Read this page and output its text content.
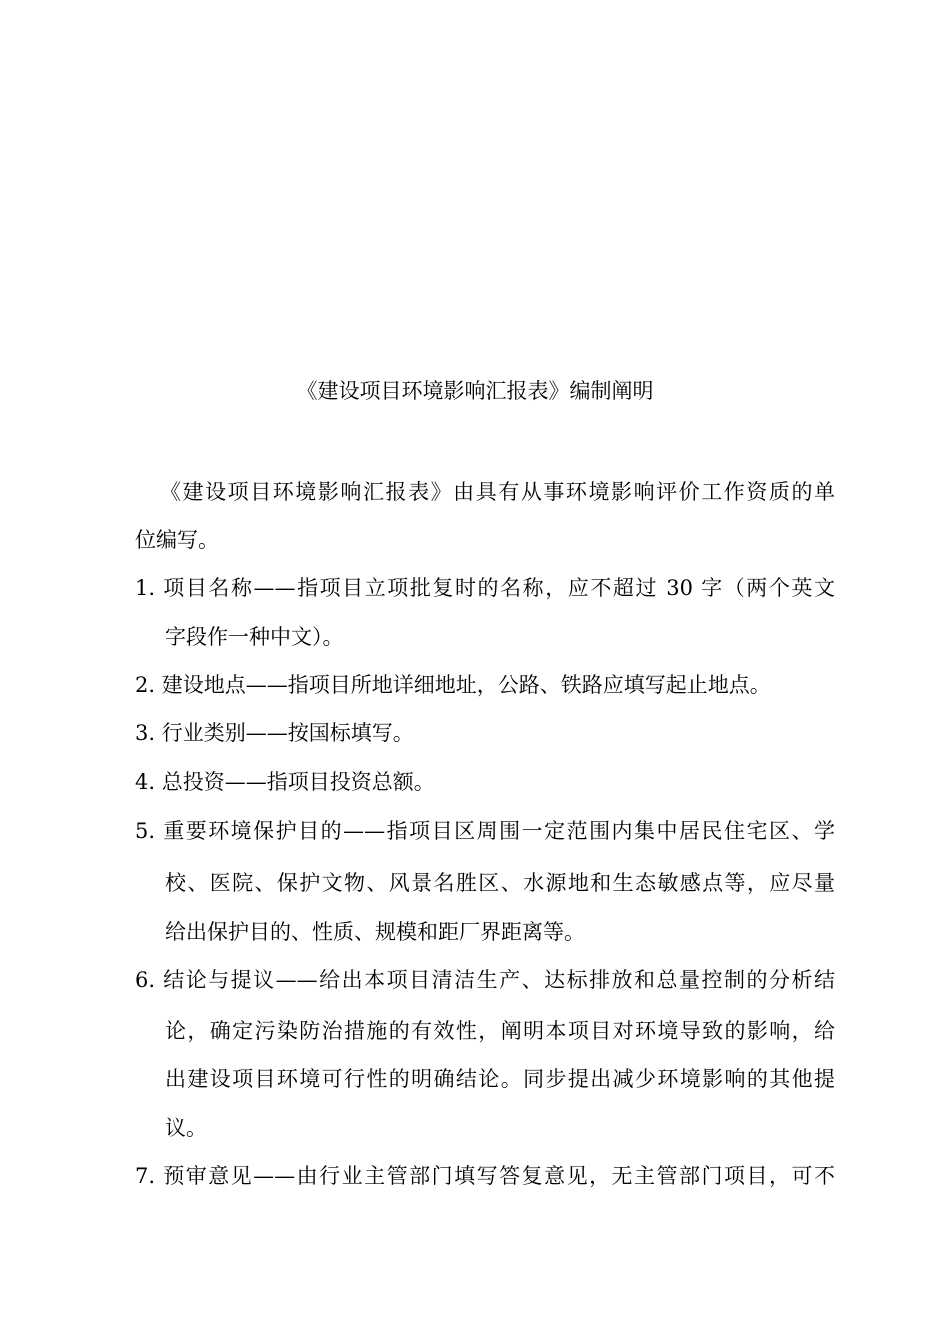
《建设项目环境影响汇报表》编制阐明
《建设项目环境影响汇报表》由具有从事环境影响评价工作资质的单
位编写。
1. 项目名称——指项目立项批复时的名称，应不超过 30 字（两个英文
字段作一种中文）。
2. 建设地点——指项目所地详细地址，公路、铁路应填写起止地点。
3. 行业类别——按国标填写。
4. 总投资——指项目投资总额。
5. 重要环境保护目的——指项目区周围一定范围内集中居民住宅区、学
校、医院、保护文物、风景名胜区、水源地和生态敏感点等，应尽量
给出保护目的、性质、规模和距厂界距离等。
6. 结论与提议——给出本项目清洁生产、达标排放和总量控制的分析结
论，确定污染防治措施的有效性，阐明本项目对环境导致的影响，给
出建设项目环境可行性的明确结论。同步提出减少环境影响的其他提
议。
7. 预审意见——由行业主管部门填写答复意见，无主管部门项目，可不
